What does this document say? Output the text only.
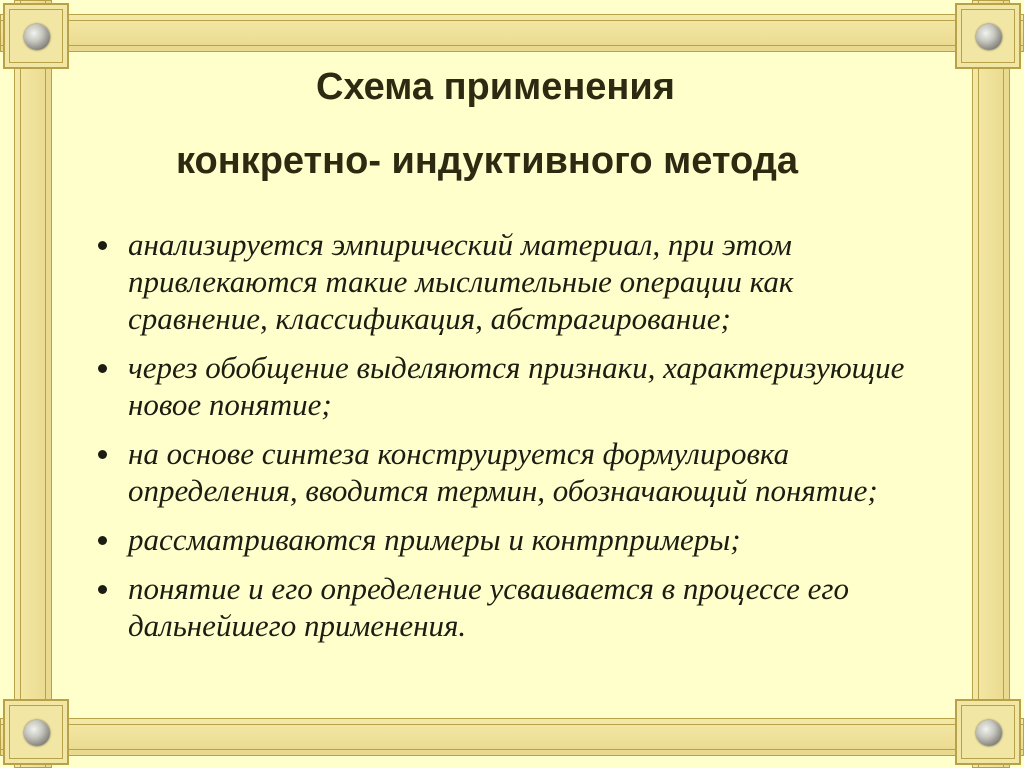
Схема применения
конкретно- индуктивного метода
анализируется эмпирический материал, при этом привлекаются такие мыслительные операции как сравнение, классификация, абстрагирование;
через обобщение выделяются признаки, характеризующие новое понятие;
на основе синтеза конструируется формулировка определения, вводится термин, обозначающий понятие;
рассматриваются примеры и контрпримеры;
понятие и его определение усваивается в процессе его дальнейшего применения.
